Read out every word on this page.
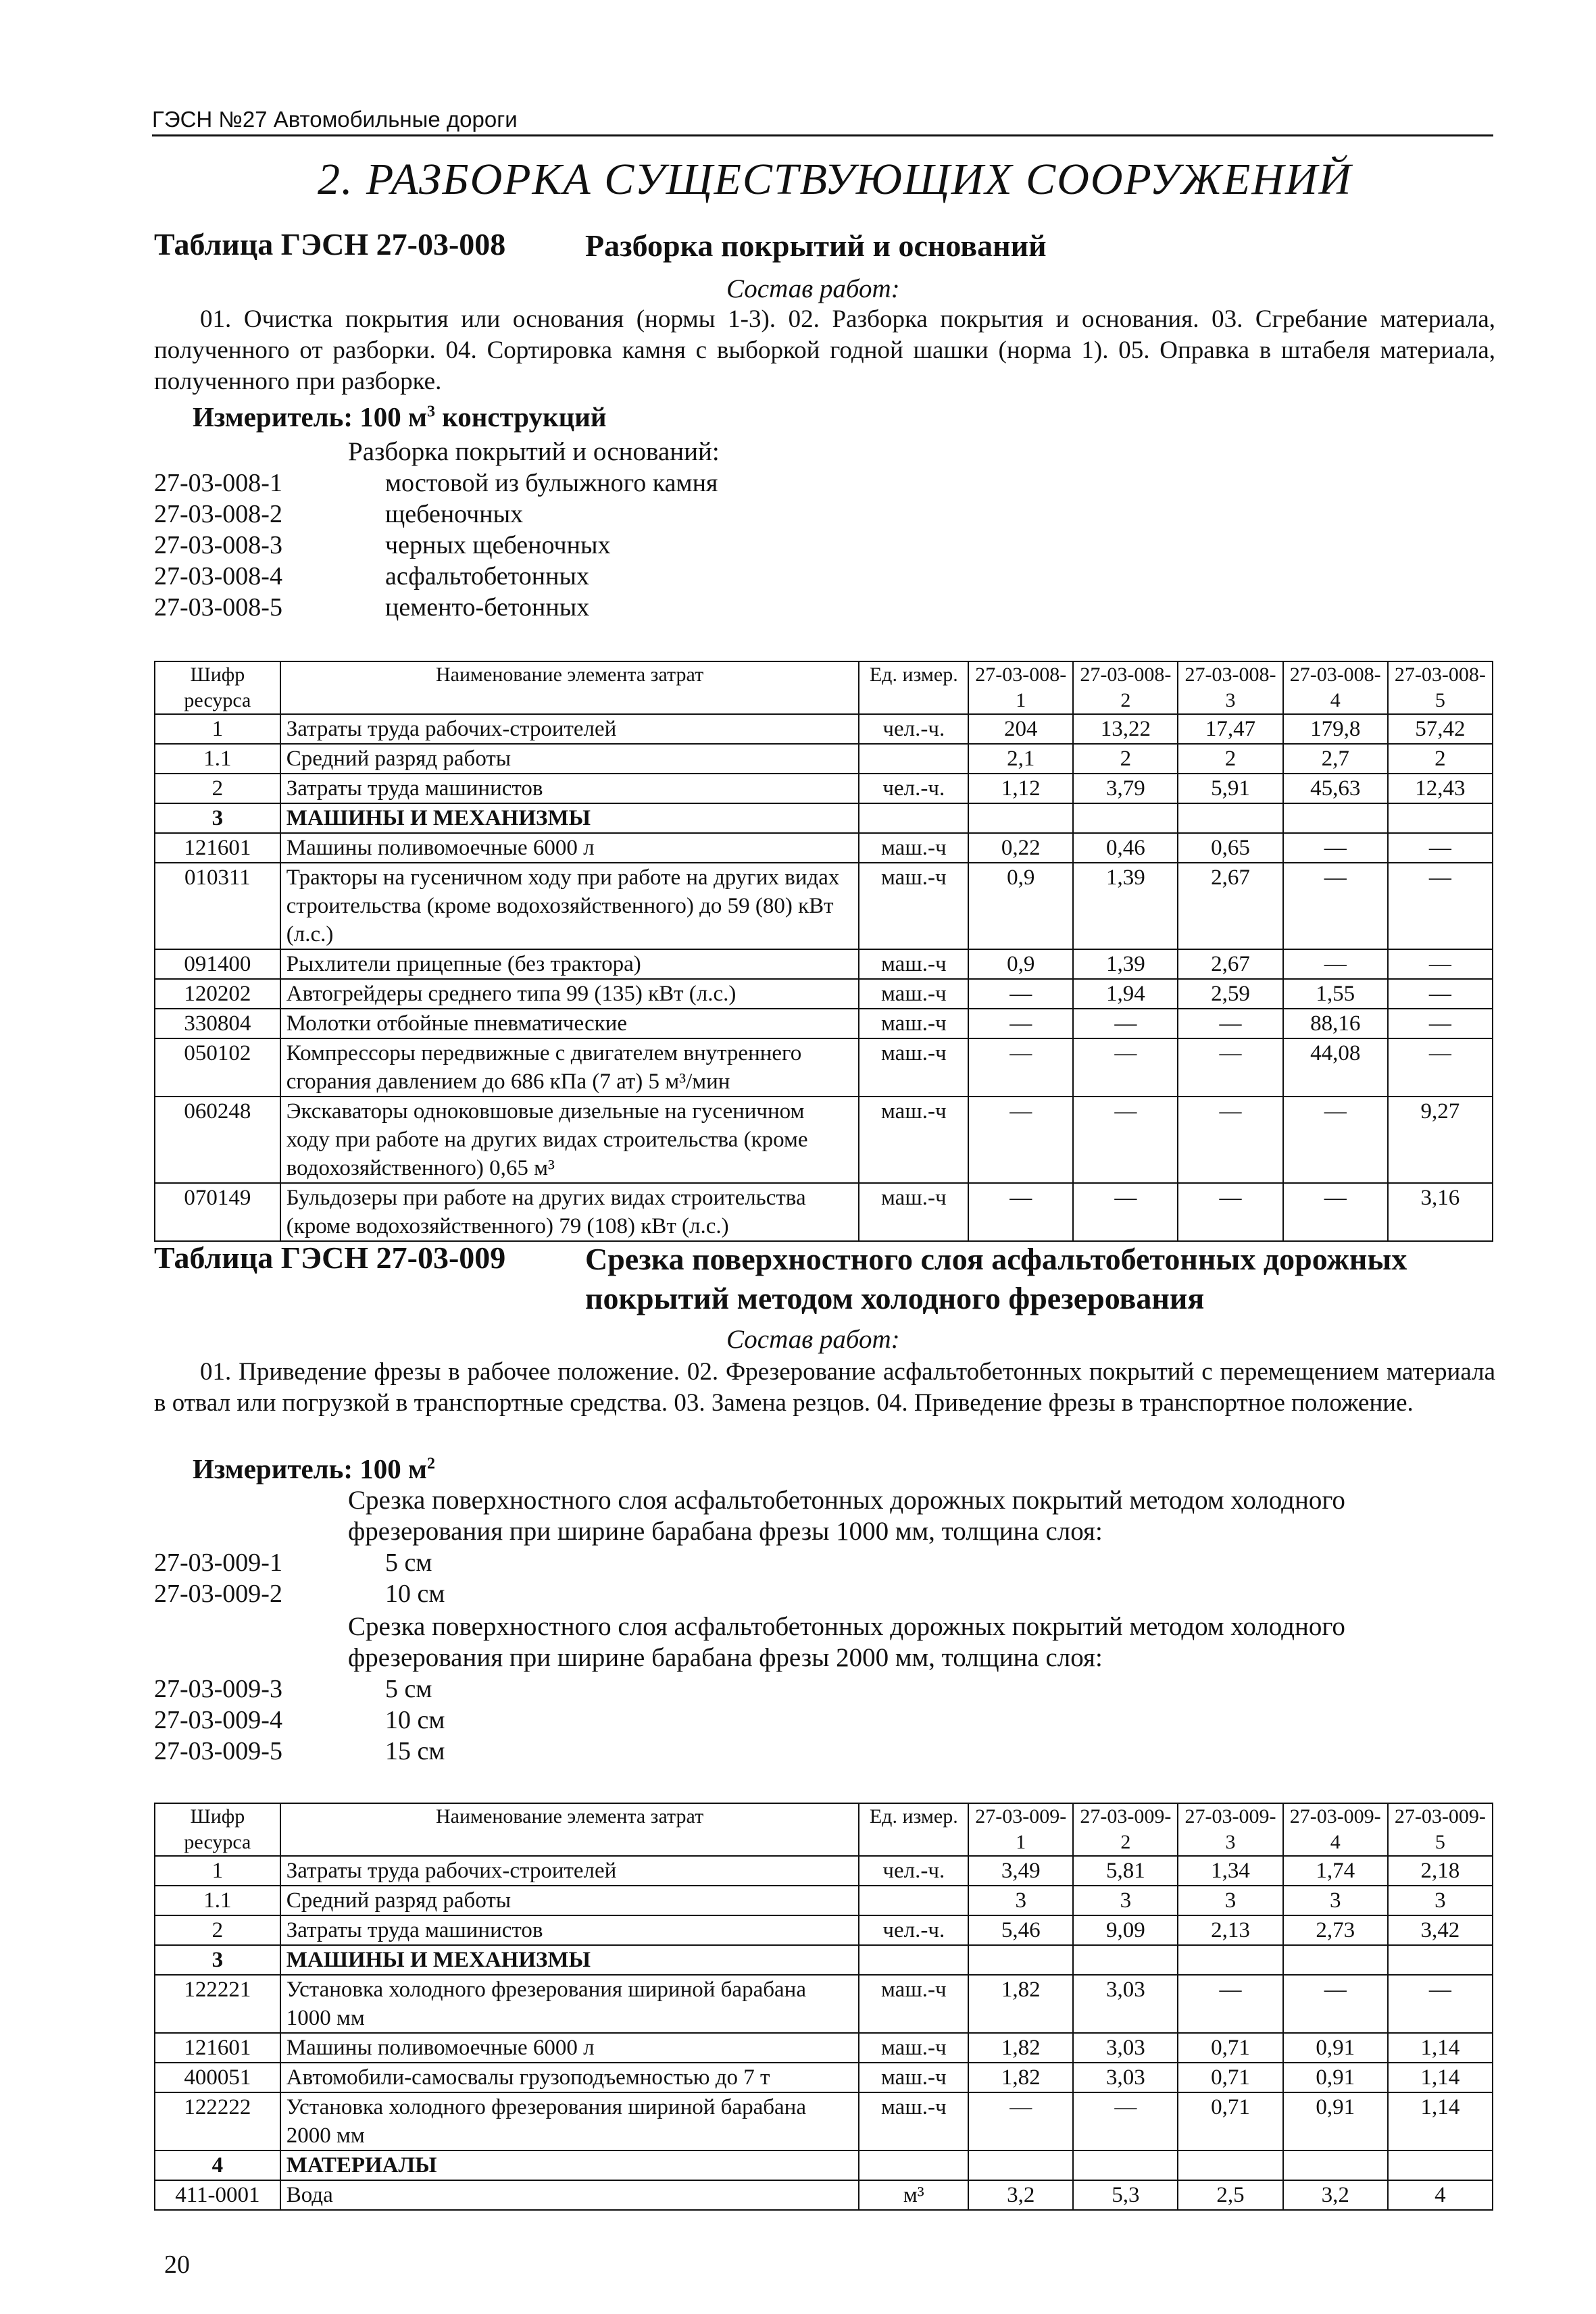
ГЭСН №27 Автомобильные дороги
2. РАЗБОРКА СУЩЕСТВУЮЩИХ СООРУЖЕНИЙ
Таблица ГЭСН 27-03-008	Разборка покрытий и оснований
Состав работ:
01. Очистка покрытия или основания (нормы 1-3). 02. Разборка покрытия и основания. 03. Сгребание материала, полученного от разборки. 04. Сортировка камня с выборкой годной шашки (норма 1). 05. Оправка в штабеля материала, полученного при разборке.
Измеритель: 100 $м^3$ конструкций
Разборка покрытий и оснований:
27-03-008-1	мостовой из булыжного камня
27-03-008-2	щебеночных
27-03-008-3	черных щебеночных
27-03-008-4	асфальтобетонных
27-03-008-5	цементо-бетонных
Шифр ресурса	Наименование элемента затрат	Ед. измер.	27-03-008-1	27-03-008-2	27-03-008-3	27-03-008-4	27-03-008-5
1	Затраты труда рабочих-строителей	чел.-ч.	204	13,22	17,47	179,8	57,42
1.1	Средний разряд работы		2,1	2	2	2,7	2
2	Затраты труда машинистов	чел.-ч.	1,12	3,79	5,91	45,63	12,43
3	МАШИНЫ И МЕХАНИЗМЫ						
121601	Машины поливомоечные 6000 л	маш.-ч	0,22	0,46	0,65	—	—
010311	Тракторы на гусеничном ходу при работе на других видах строительства (кроме водохозяйственного) до 59 (80) кВт (л.с.)	маш.-ч	0,9	1,39	2,67	—	—
091400	Рыхлители прицепные (без трактора)	маш.-ч	0,9	1,39	2,67	—	—
120202	Автогрейдеры среднего типа 99 (135) кВт (л.с.)	маш.-ч	—	1,94	2,59	1,55	—
330804	Молотки отбойные пневматические	маш.-ч	—	—	—	88,16	—
050102	Компрессоры передвижные с двигателем внутреннего сгорания давлением до 686 кПа (7 ат) 5 м³/мин	маш.-ч	—	—	—	44,08	—
060248	Экскаваторы одноковшовые дизельные на гусеничном ходу при работе на других видах строительства (кроме водохозяйственного) 0,65 м³	маш.-ч	—	—	—	—	9,27
070149	Бульдозеры при работе на других видах строительства (кроме водохозяйственного) 79 (108) кВт (л.с.)	маш.-ч	—	—	—	—	3,16
Таблица ГЭСН 27-03-009	Срезка поверхностного слоя асфальтобетонных дорожных покрытий методом холодного фрезерования
Состав работ:
01. Приведение фрезы в рабочее положение. 02. Фрезерование асфальтобетонных покрытий с перемещением материала в отвал или погрузкой в транспортные средства. 03. Замена резцов. 04. Приведение фрезы в транспортное положение.
Измеритель: 100 $м^2$
Срезка поверхностного слоя асфальтобетонных дорожных покрытий методом холодного фрезерования при ширине барабана фрезы 1000 мм, толщина слоя:
27-03-009-1	5 см
27-03-009-2	10 см
Срезка поверхностного слоя асфальтобетонных дорожных покрытий методом холодного фрезерования при ширине барабана фрезы 2000 мм, толщина слоя:
27-03-009-3	5 см
27-03-009-4	10 см
27-03-009-5	15 см
Шифр ресурса	Наименование элемента затрат	Ед. измер.	27-03-009-1	27-03-009-2	27-03-009-3	27-03-009-4	27-03-009-5
1	Затраты труда рабочих-строителей	чел.-ч.	3,49	5,81	1,34	1,74	2,18
1.1	Средний разряд работы		3	3	3	3	3
2	Затраты труда машинистов	чел.-ч.	5,46	9,09	2,13	2,73	3,42
3	МАШИНЫ И МЕХАНИЗМЫ						
122221	Установка холодного фрезерования шириной барабана 1000 мм	маш.-ч	1,82	3,03	—	—	—
121601	Машины поливомоечные 6000 л	маш.-ч	1,82	3,03	0,71	0,91	1,14
400051	Автомобили-самосвалы грузоподъемностью до 7 т	маш.-ч	1,82	3,03	0,71	0,91	1,14
122222	Установка холодного фрезерования шириной барабана 2000 мм	маш.-ч	—	—	0,71	0,91	1,14
4	МАТЕРИАЛЫ						
411-0001	Вода	м³	3,2	5,3	2,5	3,2	4
20
